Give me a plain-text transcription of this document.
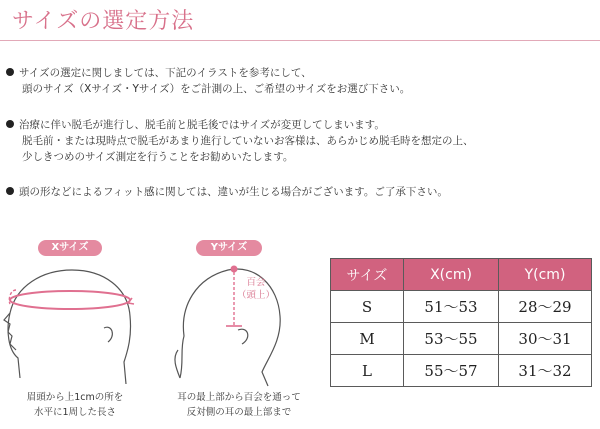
サイズの選定方法
サイズの選定に関しましては、下記のイラストを参考にして、
頭のサイズ（Xサイズ・Yサイズ）をご計測の上、ご希望のサイズをお選び下さい。
治療に伴い脱毛が進行し、脱毛前と脱毛後ではサイズが変更してしまいます。
脱毛前・または現時点で脱毛があまり進行していないお客様は、あらかじめ脱毛時を想定の上、
少しきつめのサイズ測定を行うことをお勧めいたします。
頭の形などによるフィット感に関しては、違いが生じる場合がございます。ご了承下さい。
Xサイズ
眉頭から上1cmの所を
水平に1周した長さ
Yサイズ
百会
（頭上）
耳の最上部から百会を通って
反対側の耳の最上部まで
サイズ	X(cm)	Y(cm)
S	51〜53	28〜29
M	53〜55	30〜31
L	55〜57	31〜32
